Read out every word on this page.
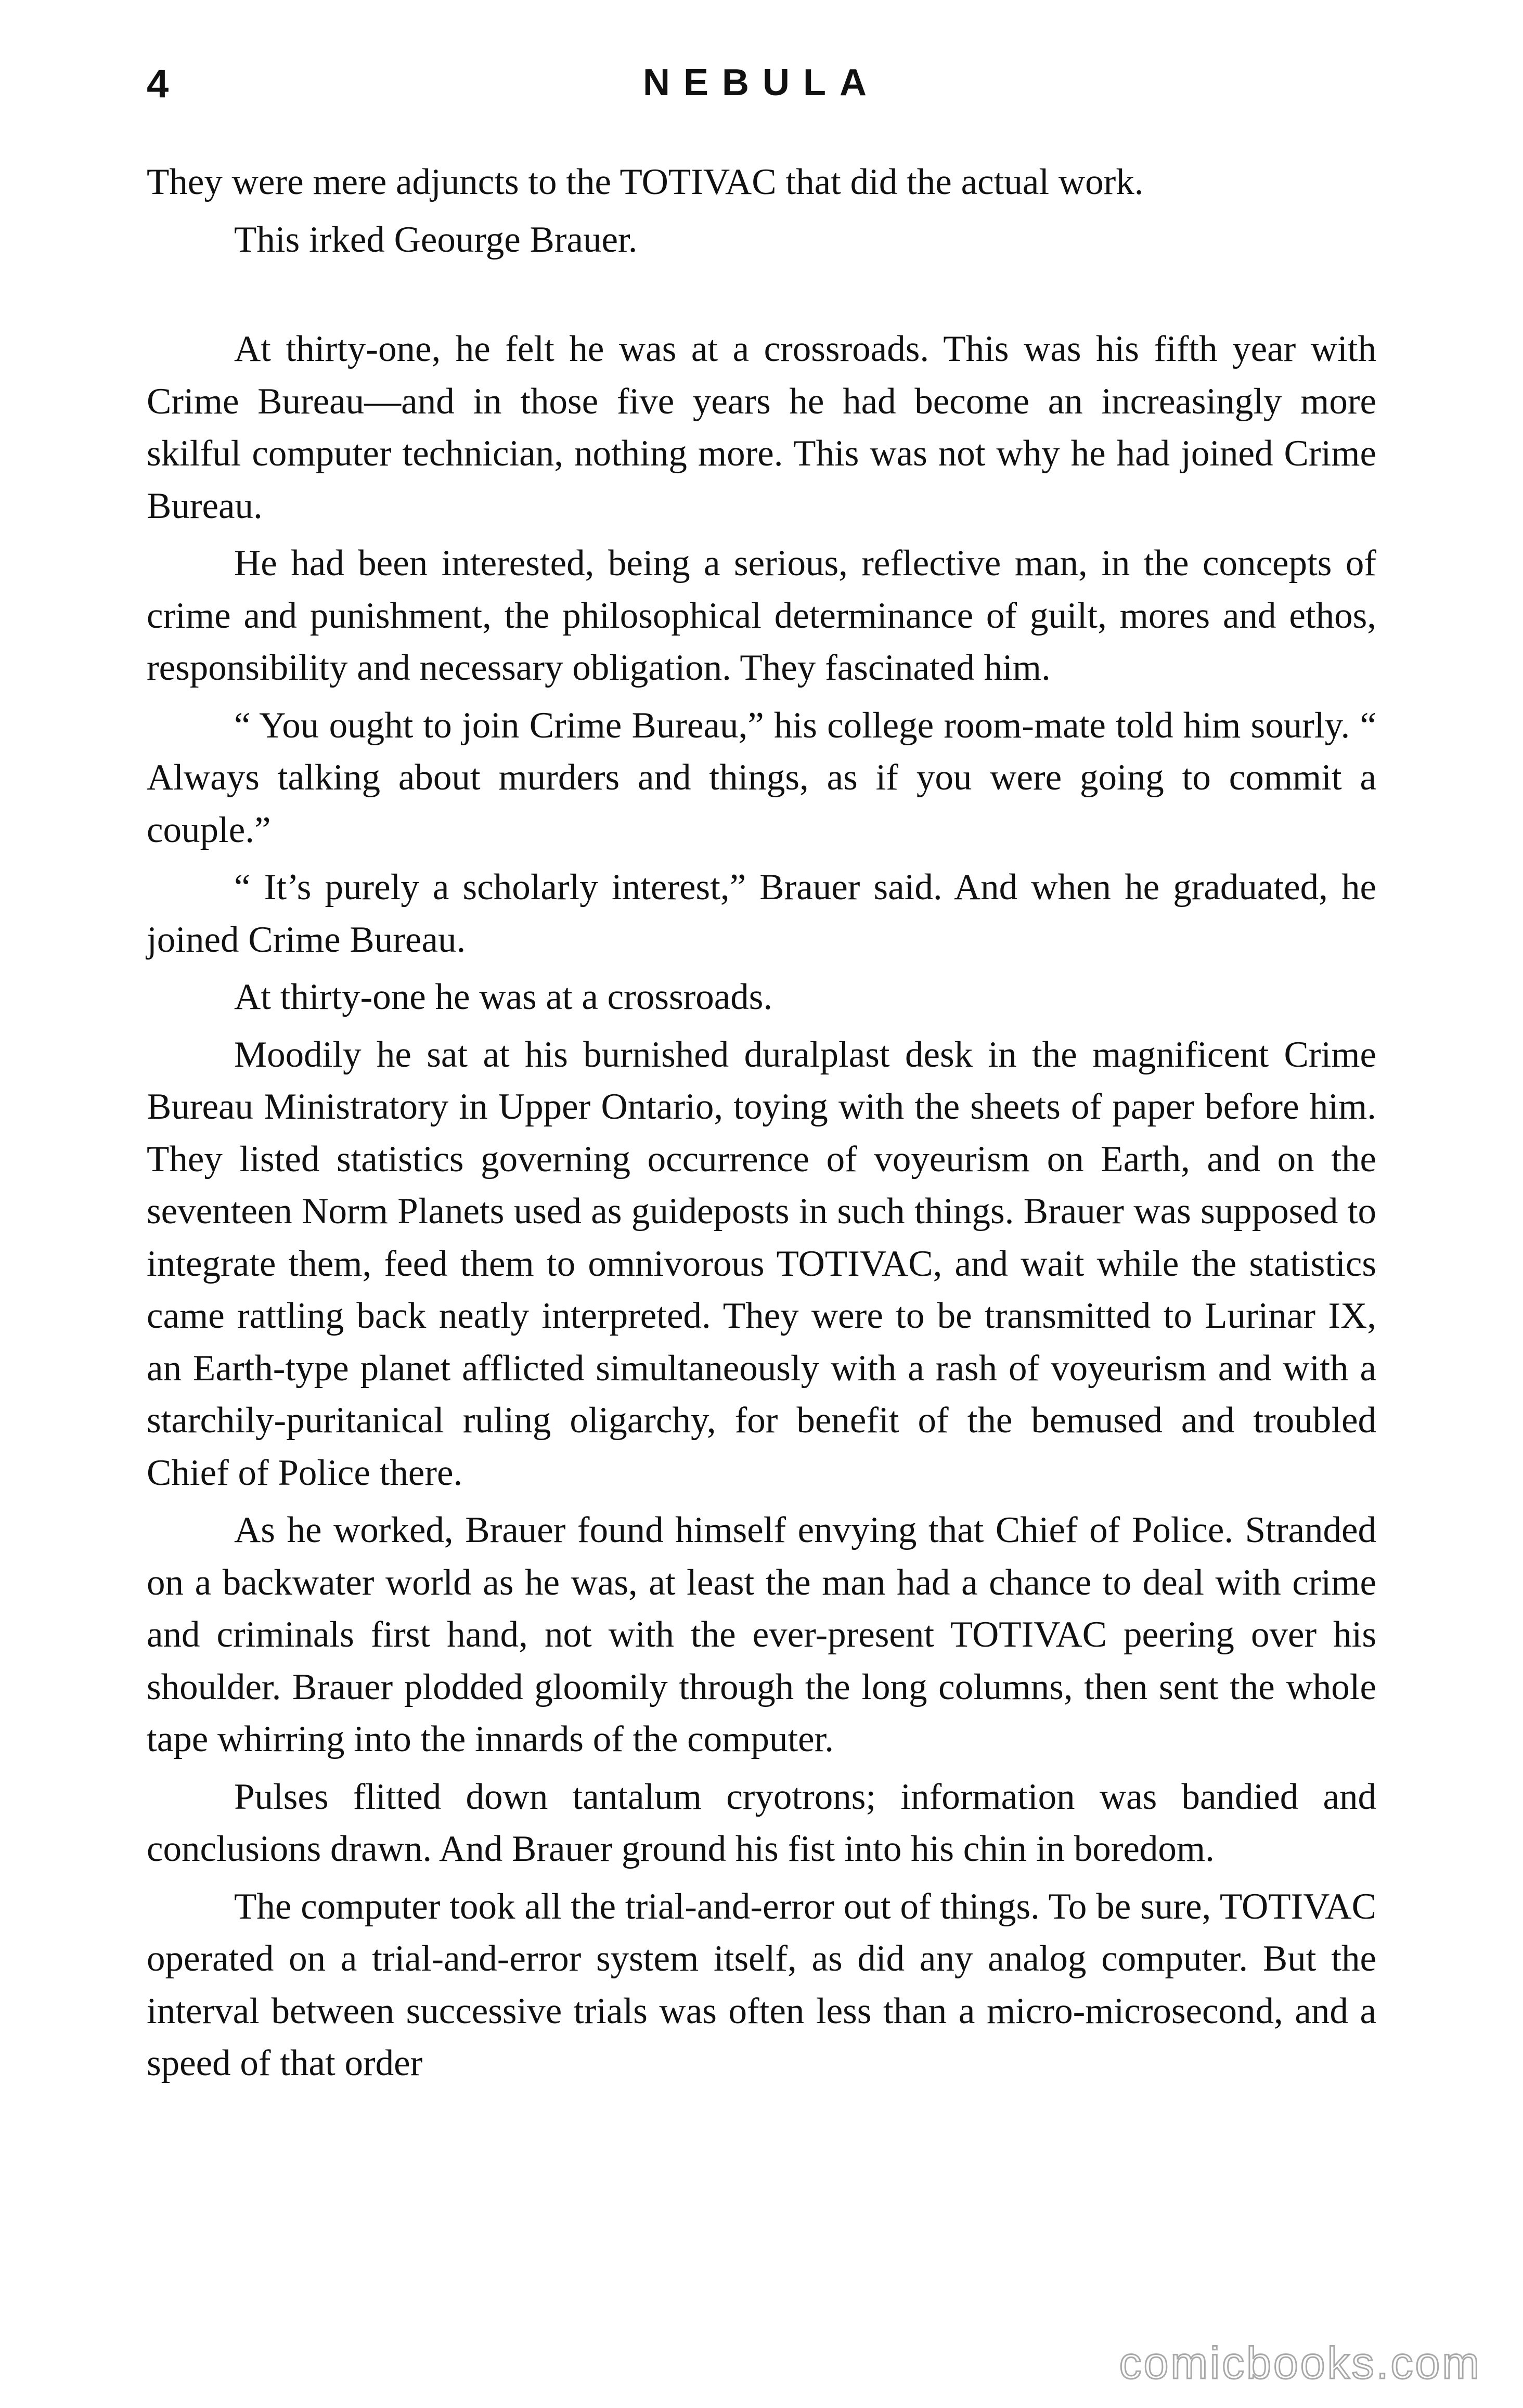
4	NEBULA

They were mere adjuncts to the TOTIVAC that did the actual work.

This irked Geourge Brauer.

At thirty-one, he felt he was at a crossroads. This was his fifth year with Crime Bureau—and in those five years he had become an increasingly more skilful computer technician, nothing more. This was not why he had joined Crime Bureau.

He had been interested, being a serious, reflective man, in the concepts of crime and punishment, the philosophical determinance of guilt, mores and ethos, responsibility and necessary obligation. They fascinated him.

“ You ought to join Crime Bureau,” his college room-mate told him sourly. “ Always talking about murders and things, as if you were going to commit a couple.”

“ It’s purely a scholarly interest,” Brauer said. And when he graduated, he joined Crime Bureau.

At thirty-one he was at a crossroads.

Moodily he sat at his burnished duralplast desk in the magnificent Crime Bureau Ministratory in Upper Ontario, toying with the sheets of paper before him. They listed statistics governing occurrence of voyeurism on Earth, and on the seventeen Norm Planets used as guideposts in such things. Brauer was supposed to integrate them, feed them to omnivorous TOTIVAC, and wait while the statistics came rattling back neatly interpreted. They were to be transmitted to Lurinar IX, an Earth-type planet afflicted simultaneously with a rash of voyeurism and with a starchily-puritanical ruling oligarchy, for benefit of the bemused and troubled Chief of Police there.

As he worked, Brauer found himself envying that Chief of Police. Stranded on a backwater world as he was, at least the man had a chance to deal with crime and criminals first hand, not with the ever-present TOTIVAC peering over his shoulder. Brauer plodded gloomily through the long columns, then sent the whole tape whirring into the innards of the computer.

Pulses flitted down tantalum cryotrons; information was bandied and conclusions drawn. And Brauer ground his fist into his chin in boredom.

The computer took all the trial-and-error out of things. To be sure, TOTIVAC operated on a trial-and-error system itself, as did any analog computer. But the interval between successive trials was often less than a micro-microsecond, and a speed of that order

comicbooks.com
